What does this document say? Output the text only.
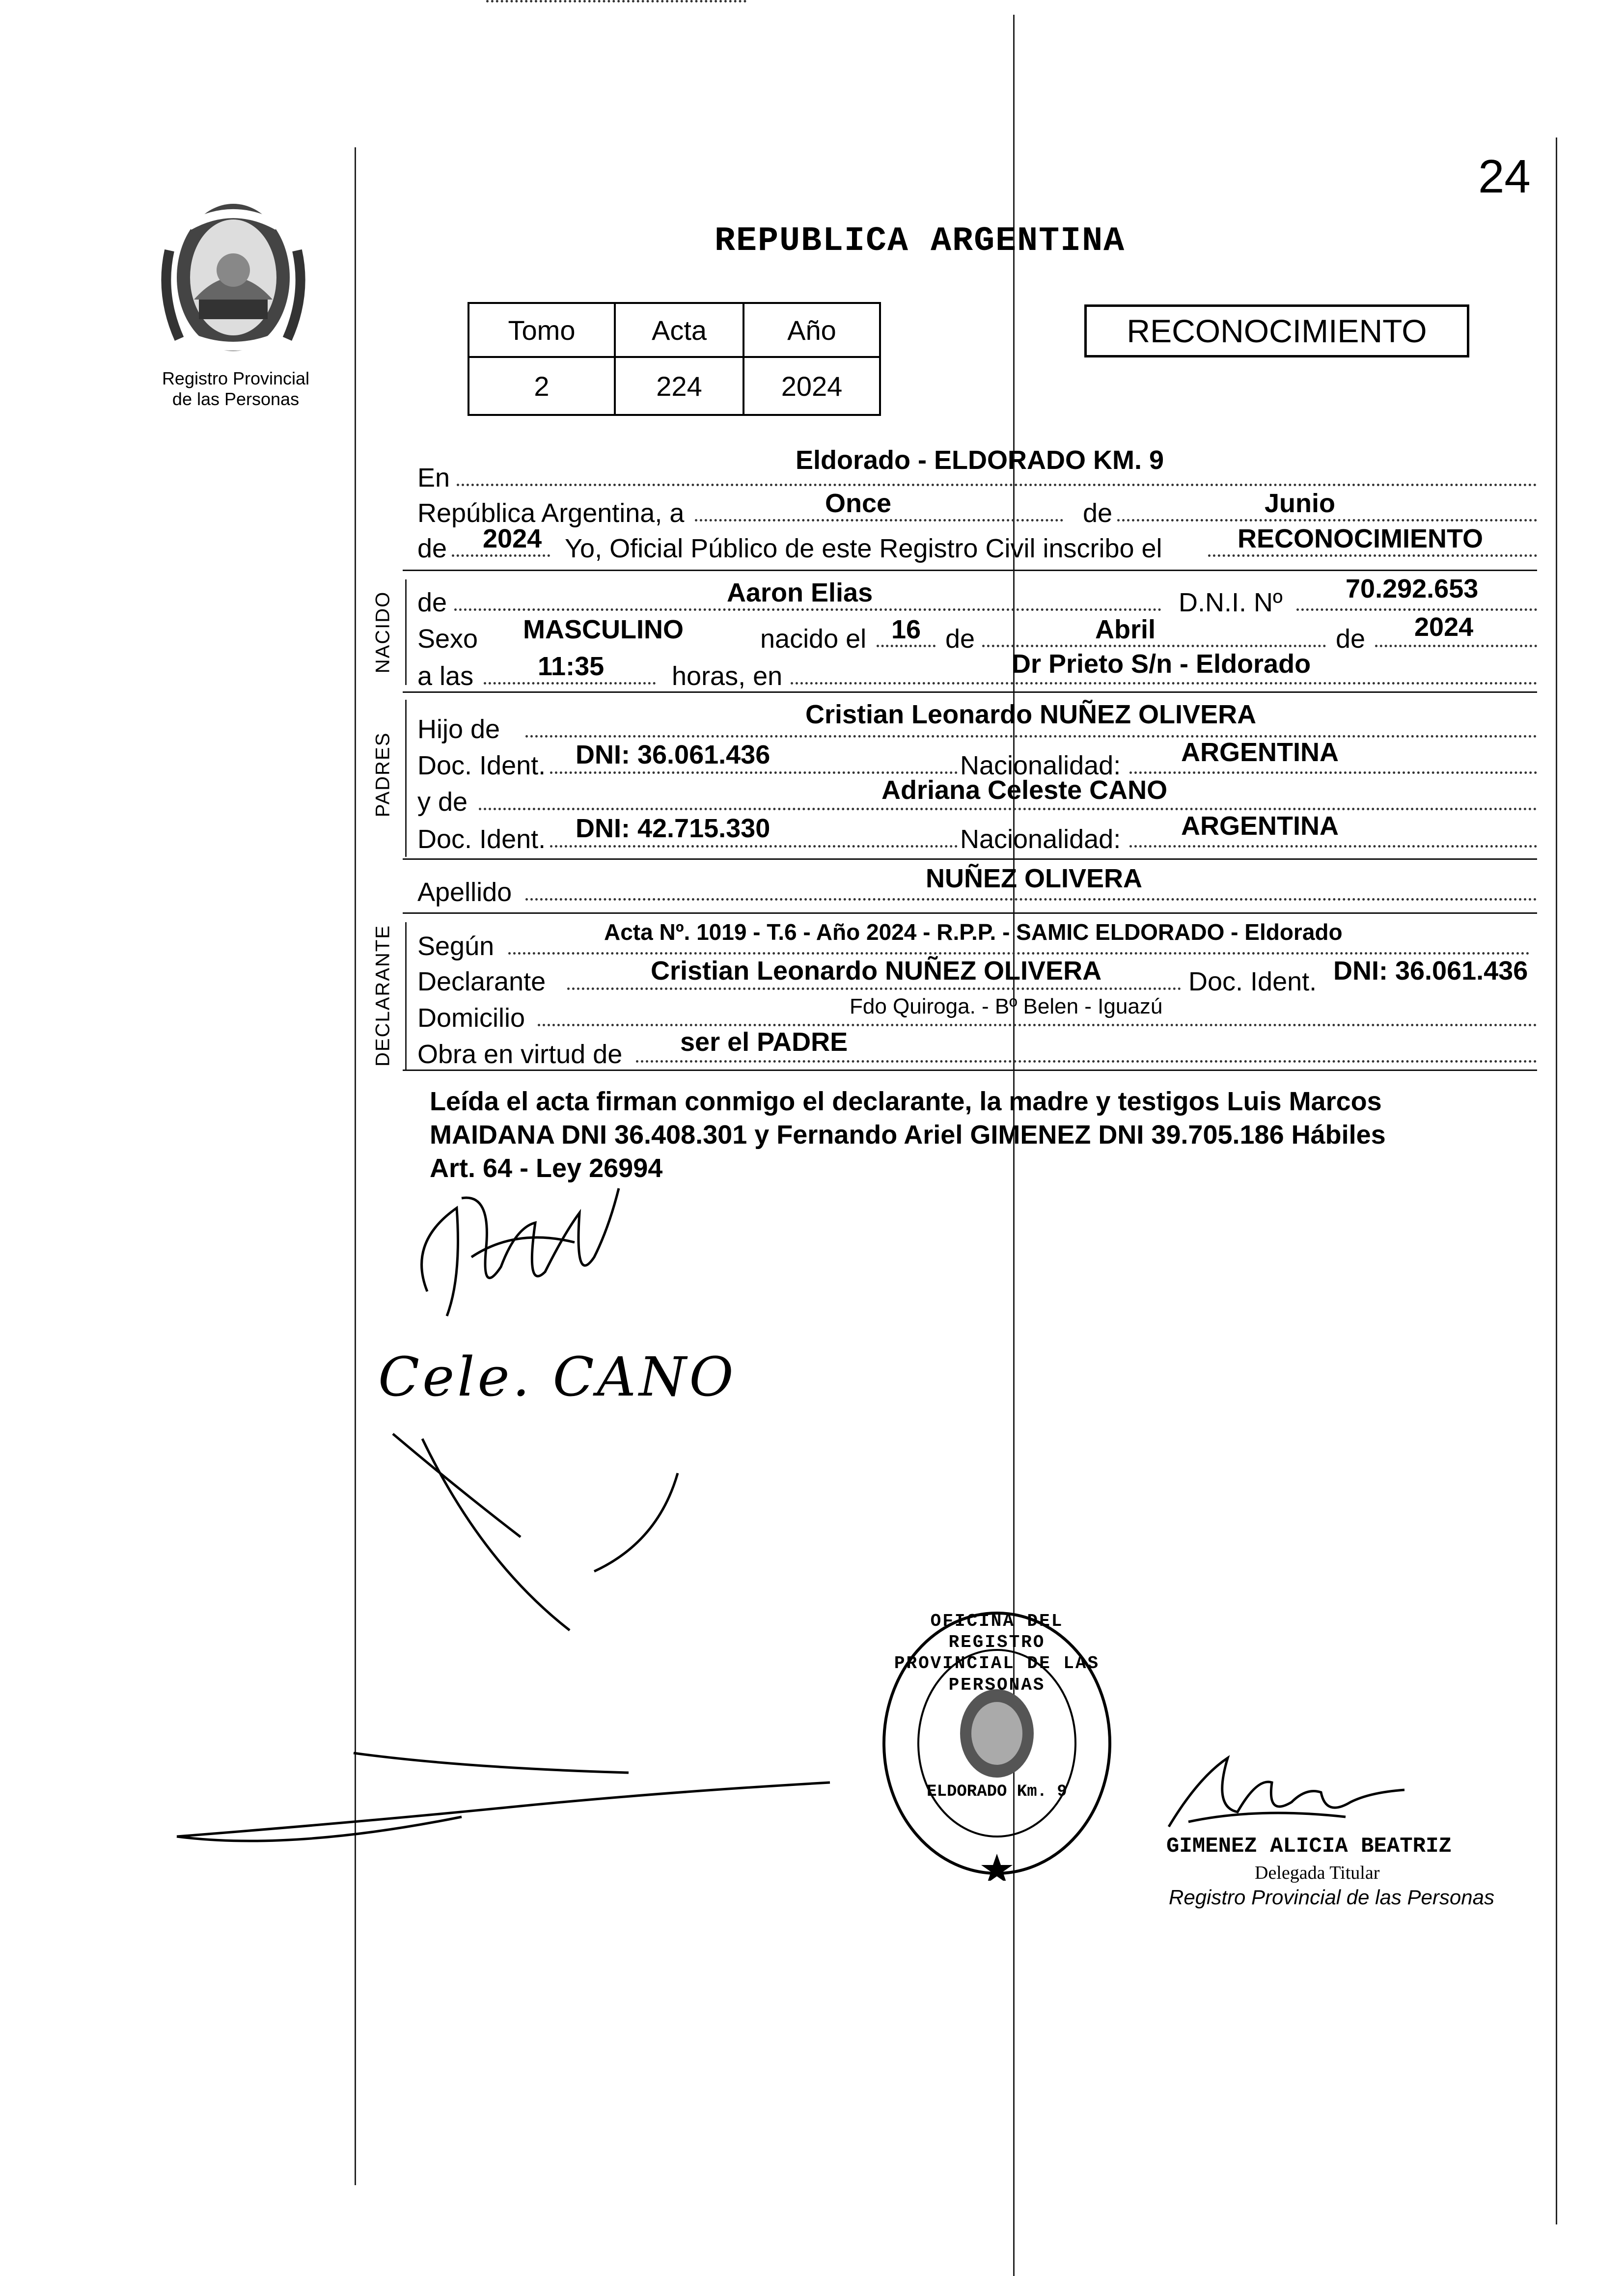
24
Registro Provincial
de las Personas
REPUBLICA ARGENTINA
RECONOCIMIENTO
Tomo	Acta	Año
2	224	2024
En
Eldorado - ELDORADO KM. 9
República Argentina, a	Once	de	Junio
de 2024 Yo, Oficial Público de este Registro Civil inscribo el	RECONOCIMIENTO
NACIDO de	Aaron Elias	D.N.I. Nº 70.292.653
Sexo MASCULINO	nacido el 16 de	Abril	de 2024
a las 11:35	horas, en	Dr Prieto S/n - Eldorado
PADRES
Hijo de	Cristian Leonardo NUÑEZ OLIVERA
Doc. Ident. DNI: 36.061.436	Nacionalidad: ARGENTINA
y de	Adriana Celeste CANO
Doc. Ident. DNI: 42.715.330	Nacionalidad: ARGENTINA
Apellido	NUÑEZ OLIVERA
DECLARANTE Según	Acta Nº. 1019 - T.6 - Año 2024 - R.P.P. - SAMIC ELDORADO - Eldorado
Declarante	Cristian Leonardo NUÑEZ OLIVERA	Doc. Ident. DNI: 36.061.436
Domicilio	Fdo Quiroga. - Bº Belen - Iguazú
Obra en virtud de ser el PADRE
Leída el acta firman conmigo el declarante, la madre y testigos Luis Marcos
MAIDANA DNI 36.408.301 y Fernando Ariel GIMENEZ DNI 39.705.186 Hábiles
Art. 64 - Ley 26994
Cele. CANO
OFICINA DEL REGISTRO PROVINCIAL DE LAS PERSONAS
ELDORADO Km. 9
GIMENEZ ALICIA BEATRIZ
Delegada Titular
Registro Provincial de las Personas
